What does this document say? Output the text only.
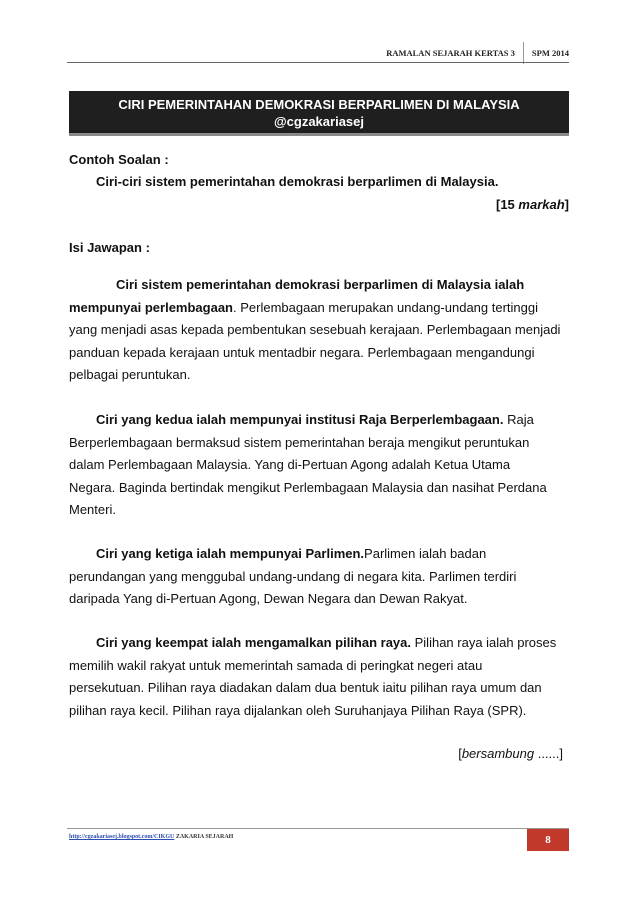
RAMALAN SEJARAH KERTAS 3 SPM 2014
CIRI PEMERINTAHAN DEMOKRASI BERPARLIMEN DI MALAYSIA
@cgzakariasej
Contoh Soalan :
Ciri-ciri sistem pemerintahan demokrasi berparlimen di Malaysia.
[15 markah]
Isi Jawapan :
Ciri sistem pemerintahan demokrasi berparlimen di Malaysia ialah
mempunyai perlembagaan. Perlembagaan merupakan undang-undang tertinggi
yang menjadi asas kepada pembentukan sesebuah kerajaan. Perlembagaan menjadi
panduan kepada kerajaan untuk mentadbir negara. Perlembagaan mengandungi
pelbagai peruntukan.
Ciri yang kedua ialah mempunyai institusi Raja Berperlembagaan. Raja
Berperlembagaan bermaksud sistem pemerintahan beraja mengikut peruntukan
dalam Perlembagaan Malaysia. Yang di-Pertuan Agong adalah Ketua Utama
Negara. Baginda bertindak mengikut Perlembagaan Malaysia dan nasihat Perdana
Menteri.
Ciri yang ketiga ialah mempunyai Parlimen.Parlimen ialah badan
perundangan yang menggubal undang-undang di negara kita. Parlimen terdiri
daripada Yang di-Pertuan Agong, Dewan Negara dan Dewan Rakyat.
Ciri yang keempat ialah mengamalkan pilihan raya. Pilihan raya ialah proses
memilih wakil rakyat untuk memerintah samada di peringkat negeri atau
persekutuan. Pilihan raya diadakan dalam dua bentuk iaitu pilihan raya umum dan
pilihan raya kecil. Pilihan raya dijalankan oleh Suruhanjaya Pilihan Raya (SPR).
[bersambung ......]
http://cgzakariasej.blogspot.com/CIKGU ZAKARIA SEJARAH	8
